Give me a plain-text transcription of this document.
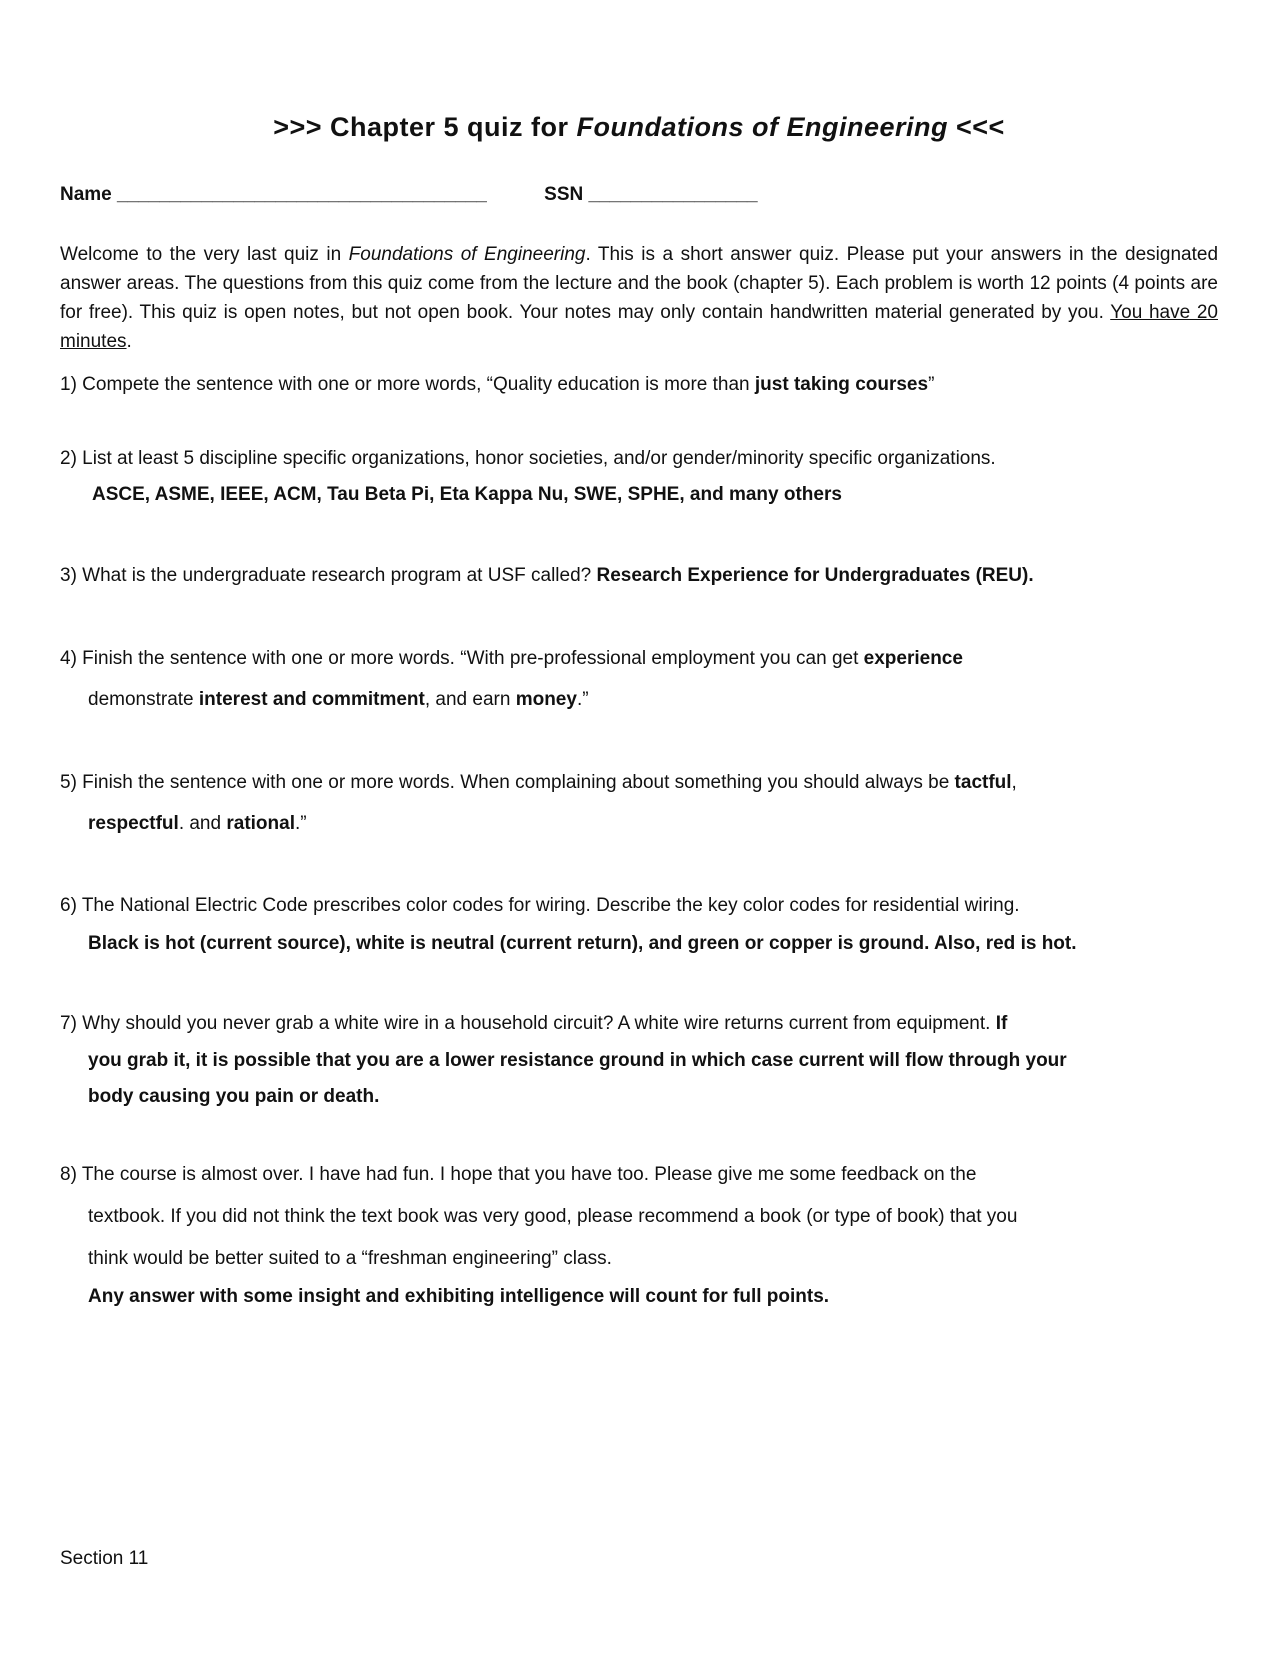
>>> Chapter 5 quiz for Foundations of Engineering <<<
Name ___________________________________	SSN ________________
Welcome to the very last quiz in Foundations of Engineering. This is a short answer quiz. Please put your answers in the designated answer areas. The questions from this quiz come from the lecture and the book (chapter 5). Each problem is worth 12 points (4 points are for free). This quiz is open notes, but not open book. Your notes may only contain handwritten material generated by you. You have 20 minutes.
1) Compete the sentence with one or more words, “Quality education is more than just taking courses”
2) List at least 5 discipline specific organizations, honor societies, and/or gender/minority specific organizations.
ASCE, ASME, IEEE, ACM, Tau Beta Pi, Eta Kappa Nu, SWE, SPHE, and many others
3) What is the undergraduate research program at USF called? Research Experience for Undergraduates (REU).
4) Finish the sentence with one or more words. “With pre-professional employment you can get experience
demonstrate interest and commitment, and earn money.”
5) Finish the sentence with one or more words. When complaining about something you should always be tactful,
respectful. and rational.”
6) The National Electric Code prescribes color codes for wiring. Describe the key color codes for residential wiring.
Black is hot (current source), white is neutral (current return), and green or copper is ground. Also, red is hot.
7) Why should you never grab a white wire in a household circuit? A white wire returns current from equipment. If
you grab it, it is possible that you are a lower resistance ground in which case current will flow through your
body causing you pain or death.
8) The course is almost over. I have had fun. I hope that you have too. Please give me some feedback on the
textbook. If you did not think the text book was very good, please recommend a book (or type of book) that you
think would be better suited to a “freshman engineering” class.
Any answer with some insight and exhibiting intelligence will count for full points.
Section 11
